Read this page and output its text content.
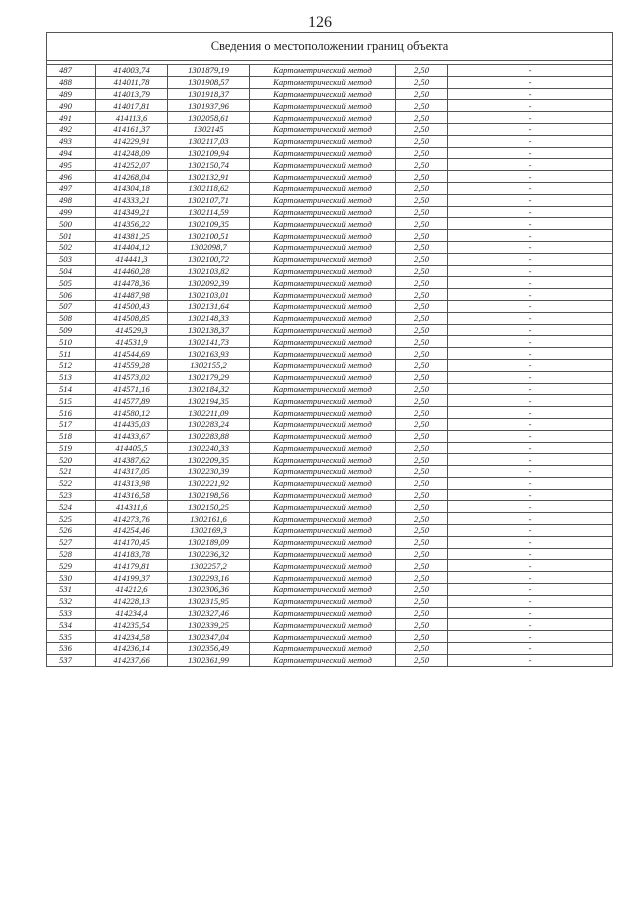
126
Сведения о местоположении границ объекта					

487	414003,74	1301879,19	Картометрический метод	2,50	-
488	414011,78	1301908,57	Картометрический метод	2,50	-
489	414013,79	1301918,37	Картометрический метод	2,50	-
490	414017,81	1301937,96	Картометрический метод	2,50	-
491	414113,6	1302058,61	Картометрический метод	2,50	-
492	414161,37	1302145	Картометрический метод	2,50	-
493	414229,91	1302117,03	Картометрический метод	2,50	-
494	414248,09	1302109,94	Картометрический метод	2,50	-
495	414252,07	1302150,74	Картометрический метод	2,50	-
496	414268,04	1302132,91	Картометрический метод	2,50	-
497	414304,18	1302118,62	Картометрический метод	2,50	-
498	414333,21	1302107,71	Картометрический метод	2,50	-
499	414349,21	1302114,59	Картометрический метод	2,50	-
500	414356,22	1302109,35	Картометрический метод	2,50	-
501	414381,25	1302100,51	Картометрический метод	2,50	-
502	414404,12	1302098,7	Картометрический метод	2,50	-
503	414441,3	1302100,72	Картометрический метод	2,50	-
504	414460,28	1302103,82	Картометрический метод	2,50	-
505	414478,36	1302092,39	Картометрический метод	2,50	-
506	414487,98	1302103,01	Картометрический метод	2,50	-
507	414500,43	1302131,64	Картометрический метод	2,50	-
508	414508,85	1302148,33	Картометрический метод	2,50	-
509	414529,3	1302138,37	Картометрический метод	2,50	-
510	414531,9	1302141,73	Картометрический метод	2,50	-
511	414544,69	1302163,93	Картометрический метод	2,50	-
512	414559,28	1302155,2	Картометрический метод	2,50	-
513	414573,02	1302179,29	Картометрический метод	2,50	-
514	414571,16	1302184,32	Картометрический метод	2,50	-
515	414577,89	1302194,35	Картометрический метод	2,50	-
516	414580,12	1302211,09	Картометрический метод	2,50	-
517	414435,03	1302283,24	Картометрический метод	2,50	-
518	414433,67	1302283,88	Картометрический метод	2,50	-
519	414405,5	1302240,33	Картометрический метод	2,50	-
520	414387,62	1302209,35	Картометрический метод	2,50	-
521	414317,05	1302230,39	Картометрический метод	2,50	-
522	414313,98	1302221,92	Картометрический метод	2,50	-
523	414316,58	1302198,56	Картометрический метод	2,50	-
524	414311,6	1302150,25	Картометрический метод	2,50	-
525	414273,76	1302161,6	Картометрический метод	2,50	-
526	414254,46	1302169,3	Картометрический метод	2,50	-
527	414170,45	1302189,09	Картометрический метод	2,50	-
528	414183,78	1302236,32	Картометрический метод	2,50	-
529	414179,81	1302257,2	Картометрический метод	2,50	-
530	414199,37	1302293,16	Картометрический метод	2,50	-
531	414212,6	1302306,36	Картометрический метод	2,50	-
532	414228,13	1302315,95	Картометрический метод	2,50	-
533	414234,4	1302327,46	Картометрический метод	2,50	-
534	414235,54	1302339,25	Картометрический метод	2,50	-
535	414234,58	1302347,04	Картометрический метод	2,50	-
536	414236,14	1302356,49	Картометрический метод	2,50	-
537	414237,66	1302361,99	Картометрический метод	2,50	-
